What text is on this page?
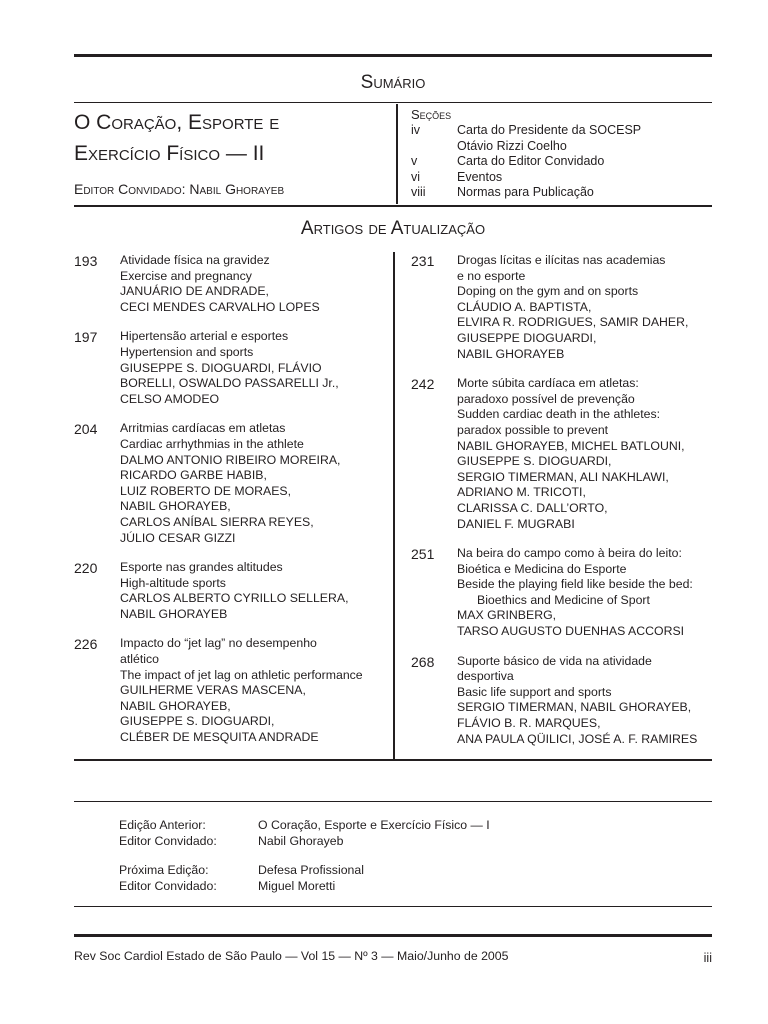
Sumário
O Coração, Esporte e
Exercício Físico — II
Editor Convidado: Nabil Ghorayeb
Seções
iv	Carta do Presidente da SOCESP
Otávio Rizzi Coelho
v	Carta do Editor Convidado
vi	Eventos
viii	Normas para Publicação
Artigos de Atualização
193	Atividade física na gravidez
Exercise and pregnancy
JANUÁRIO DE ANDRADE,
CECI MENDES CARVALHO LOPES
197	Hipertensão arterial e esportes
Hypertension and sports
GIUSEPPE S. DIOGUARDI, FLÁVIO
BORELLI, OSWALDO PASSARELLI Jr.,
CELSO AMODEO
204	Arritmias cardíacas em atletas
Cardiac arrhythmias in the athlete
DALMO ANTONIO RIBEIRO MOREIRA,
RICARDO GARBE HABIB,
LUIZ ROBERTO DE MORAES,
NABIL GHORAYEB,
CARLOS ANÍBAL SIERRA REYES,
JÚLIO CESAR GIZZI
220	Esporte nas grandes altitudes
High-altitude sports
CARLOS ALBERTO CYRILLO SELLERA,
NABIL GHORAYEB
226	Impacto do “jet lag” no desempenho
atlético
The impact of jet lag on athletic performance
GUILHERME VERAS MASCENA,
NABIL GHORAYEB,
GIUSEPPE S. DIOGUARDI,
CLÉBER DE MESQUITA ANDRADE
231	Drogas lícitas e ilícitas nas academias
e no esporte
Doping on the gym and on sports
CLÁUDIO A. BAPTISTA,
ELVIRA R. RODRIGUES, SAMIR DAHER,
GIUSEPPE DIOGUARDI,
NABIL GHORAYEB
242	Morte súbita cardíaca em atletas:
paradoxo possível de prevenção
Sudden cardiac death in the athletes:
paradox possible to prevent
NABIL GHORAYEB, MICHEL BATLOUNI,
GIUSEPPE S. DIOGUARDI,
SERGIO TIMERMAN, ALI NAKHLAWI,
ADRIANO M. TRICOTI,
CLARISSA C. DALL’ORTO,
DANIEL F. MUGRABI
251	Na beira do campo como à beira do leito:
Bioética e Medicina do Esporte
Beside the playing field like beside the bed:
Bioethics and Medicine of Sport
MAX GRINBERG,
TARSO AUGUSTO DUENHAS ACCORSI
268	Suporte básico de vida na atividade
desportiva
Basic life support and sports
SERGIO TIMERMAN, NABIL GHORAYEB,
FLÁVIO B. R. MARQUES,
ANA PAULA QÜILICI, JOSÉ A. F. RAMIRES
Edição Anterior:	O Coração, Esporte e Exercício Físico — I
Editor Convidado:	Nabil Ghorayeb
Próxima Edição:	Defesa Profissional
Editor Convidado:	Miguel Moretti
Rev Soc Cardiol Estado de São Paulo — Vol 15 — Nº 3 — Maio/Junho de 2005	iii
